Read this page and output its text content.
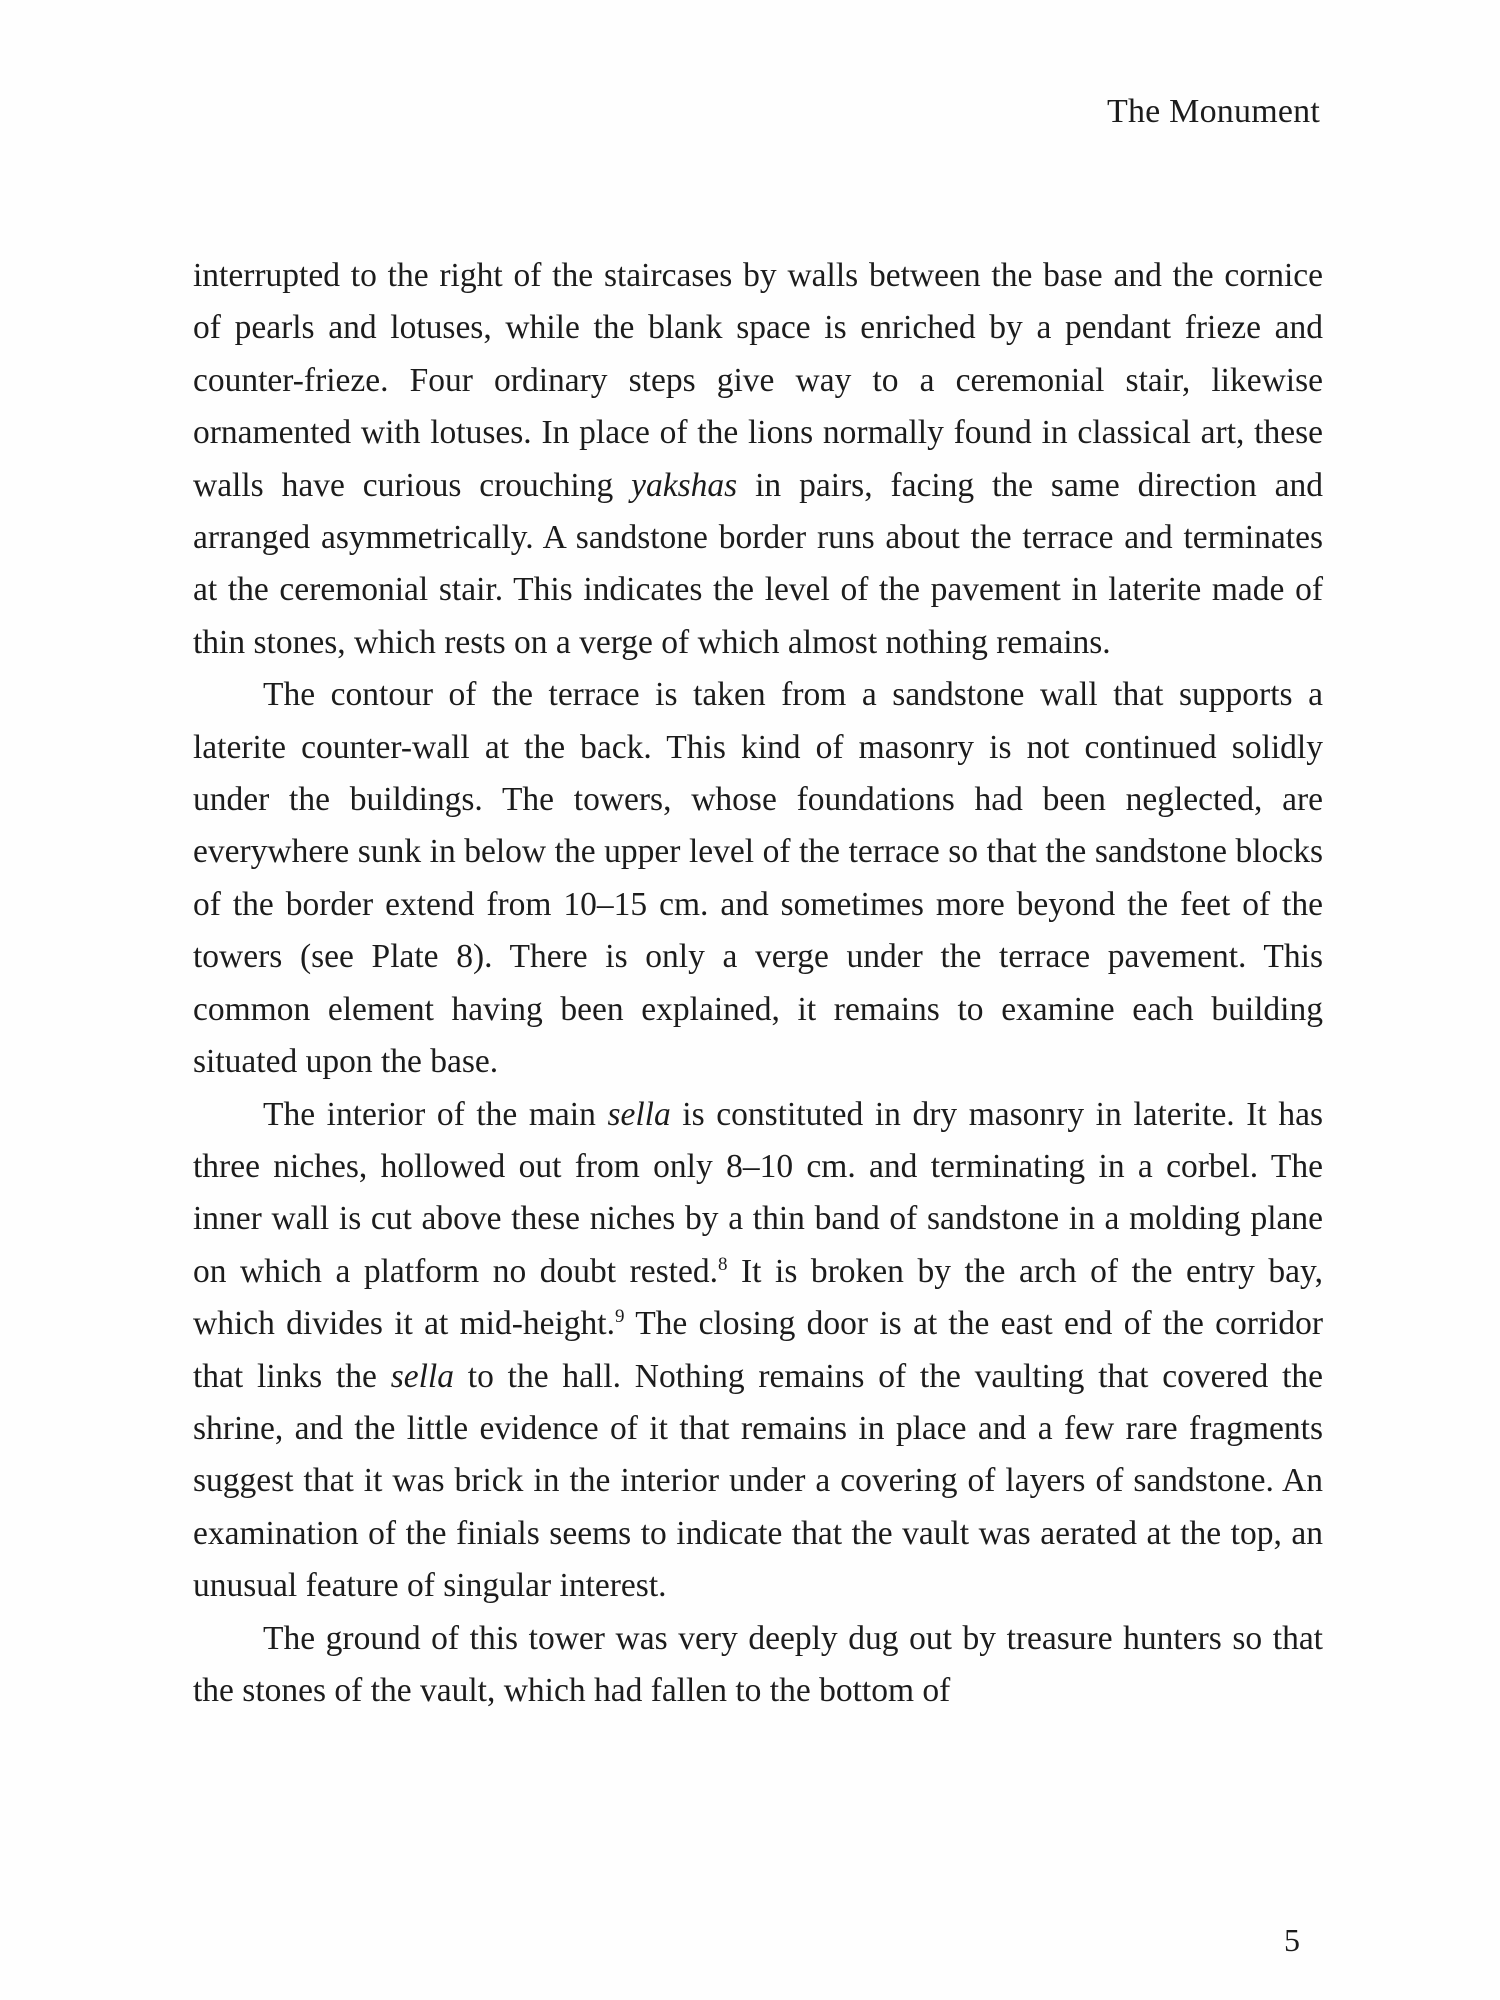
The Monument

interrupted to the right of the staircases by walls between the base and the cornice of pearls and lotuses, while the blank space is enriched by a pendant frieze and counter-frieze. Four ordinary steps give way to a ceremonial stair, likewise ornamented with lotuses. In place of the lions normally found in classical art, these walls have curious crouching yakshas in pairs, facing the same direction and arranged asymmetrically. A sandstone border runs about the terrace and terminates at the ceremonial stair. This indicates the level of the pavement in laterite made of thin stones, which rests on a verge of which almost nothing remains.

The contour of the terrace is taken from a sandstone wall that supports a laterite counter-wall at the back. This kind of masonry is not continued solidly under the buildings. The towers, whose foundations had been neglected, are everywhere sunk in below the upper level of the terrace so that the sandstone blocks of the border extend from 10–15 cm. and sometimes more beyond the feet of the towers (see Plate 8). There is only a verge under the terrace pavement. This common element having been explained, it remains to examine each building situated upon the base.

The interior of the main sella is constituted in dry masonry in laterite. It has three niches, hollowed out from only 8–10 cm. and terminating in a corbel. The inner wall is cut above these niches by a thin band of sandstone in a molding plane on which a platform no doubt rested.$^8$ It is broken by the arch of the entry bay, which divides it at mid-height.$^9$ The closing door is at the east end of the corridor that links the sella to the hall. Nothing remains of the vaulting that covered the shrine, and the little evidence of it that remains in place and a few rare fragments suggest that it was brick in the interior under a covering of layers of sandstone. An examination of the finials seems to indicate that the vault was aerated at the top, an unusual feature of singular interest.

The ground of this tower was very deeply dug out by treasure hunters so that the stones of the vault, which had fallen to the bottom of

5
